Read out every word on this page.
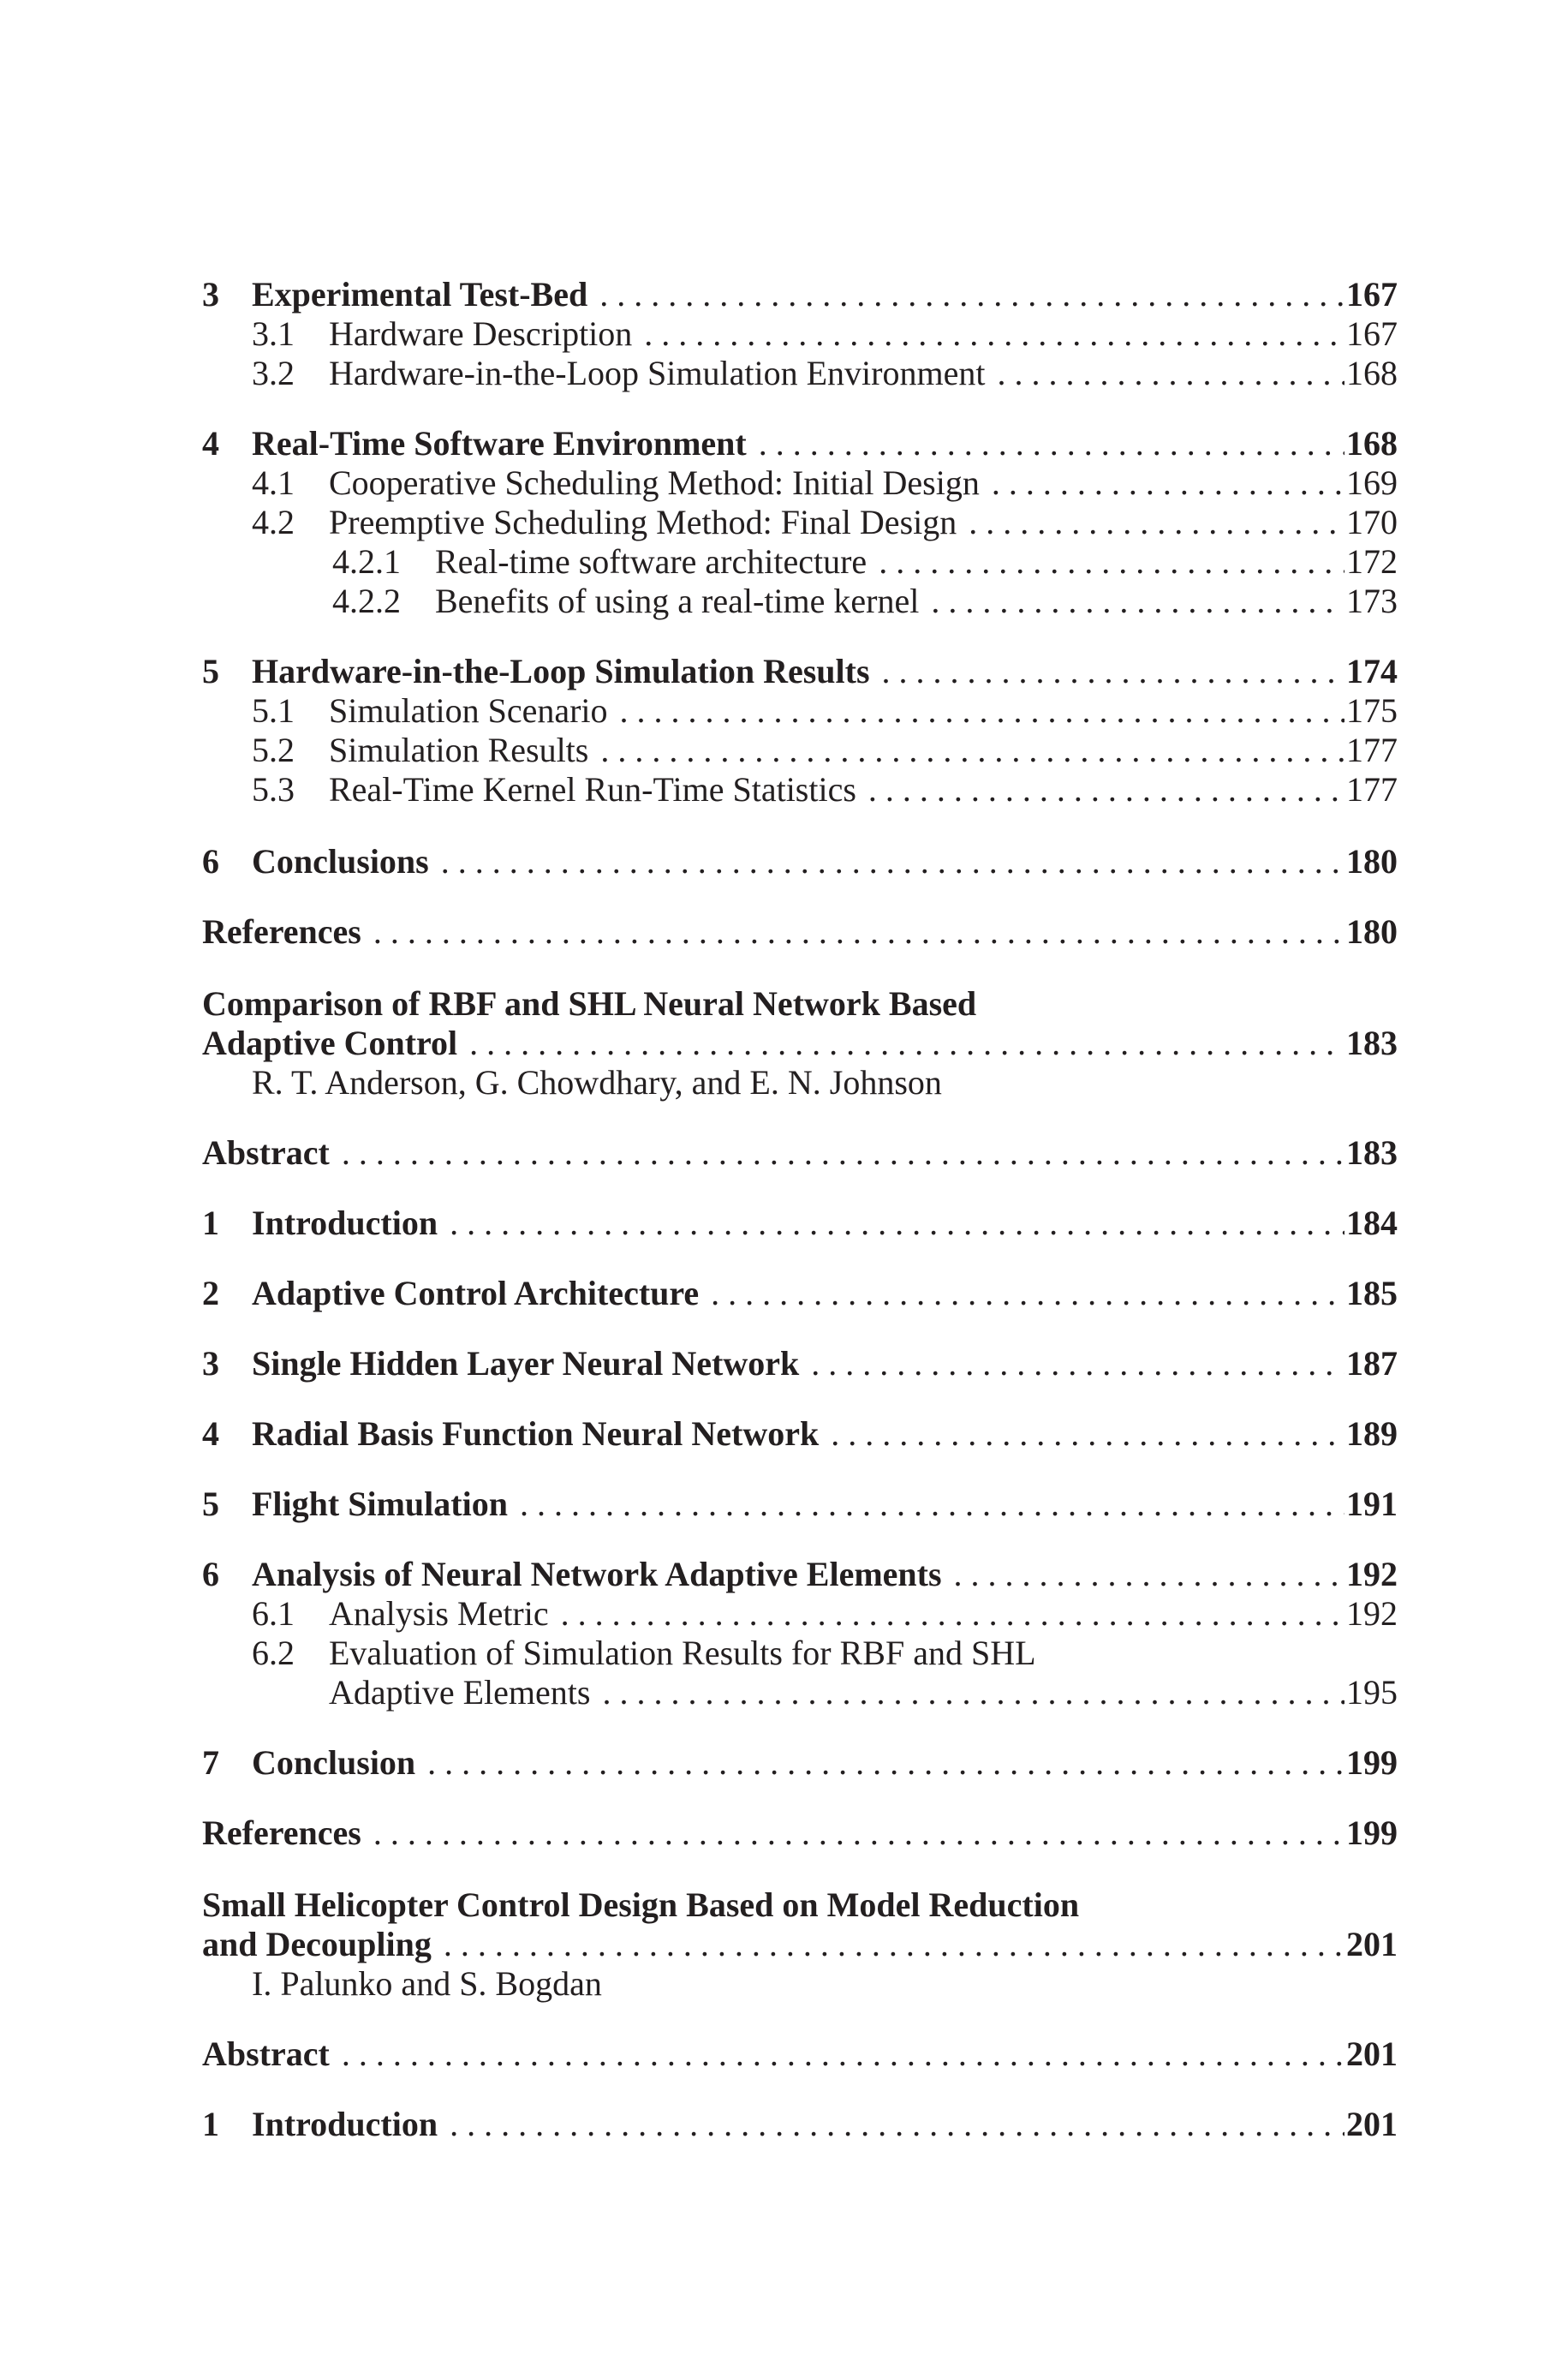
3 Experimental Test-Bed . . .	167
3.1 Hardware Description . . .	167
3.2 Hardware-in-the-Loop Simulation Environment . . .	168
4 Real-Time Software Environment . . .	168
4.1 Cooperative Scheduling Method: Initial Design . . .	169
4.2 Preemptive Scheduling Method: Final Design . . .	170
4.2.1 Real-time software architecture . . .	172
4.2.2 Benefits of using a real-time kernel . . .	173
5 Hardware-in-the-Loop Simulation Results . . .	174
5.1 Simulation Scenario . . .	175
5.2 Simulation Results . . .	177
5.3 Real-Time Kernel Run-Time Statistics . . .	177
6 Conclusions . . .	180
References . . .	180
Comparison of RBF and SHL Neural Network Based
Adaptive Control . . .	183
R. T. Anderson, G. Chowdhary, and E. N. Johnson
Abstract . . .	183
1 Introduction . . .	184
2 Adaptive Control Architecture . . .	185
3 Single Hidden Layer Neural Network . . .	187
4 Radial Basis Function Neural Network . . .	189
5 Flight Simulation . . .	191
6 Analysis of Neural Network Adaptive Elements . . .	192
6.1 Analysis Metric . . .	192
6.2 Evaluation of Simulation Results for RBF and SHL
Adaptive Elements . . .	195
7 Conclusion . . .	199
References . . .	199
Small Helicopter Control Design Based on Model Reduction
and Decoupling . . .	201
I. Palunko and S. Bogdan
Abstract . . .	201
1 Introduction . . .	201
